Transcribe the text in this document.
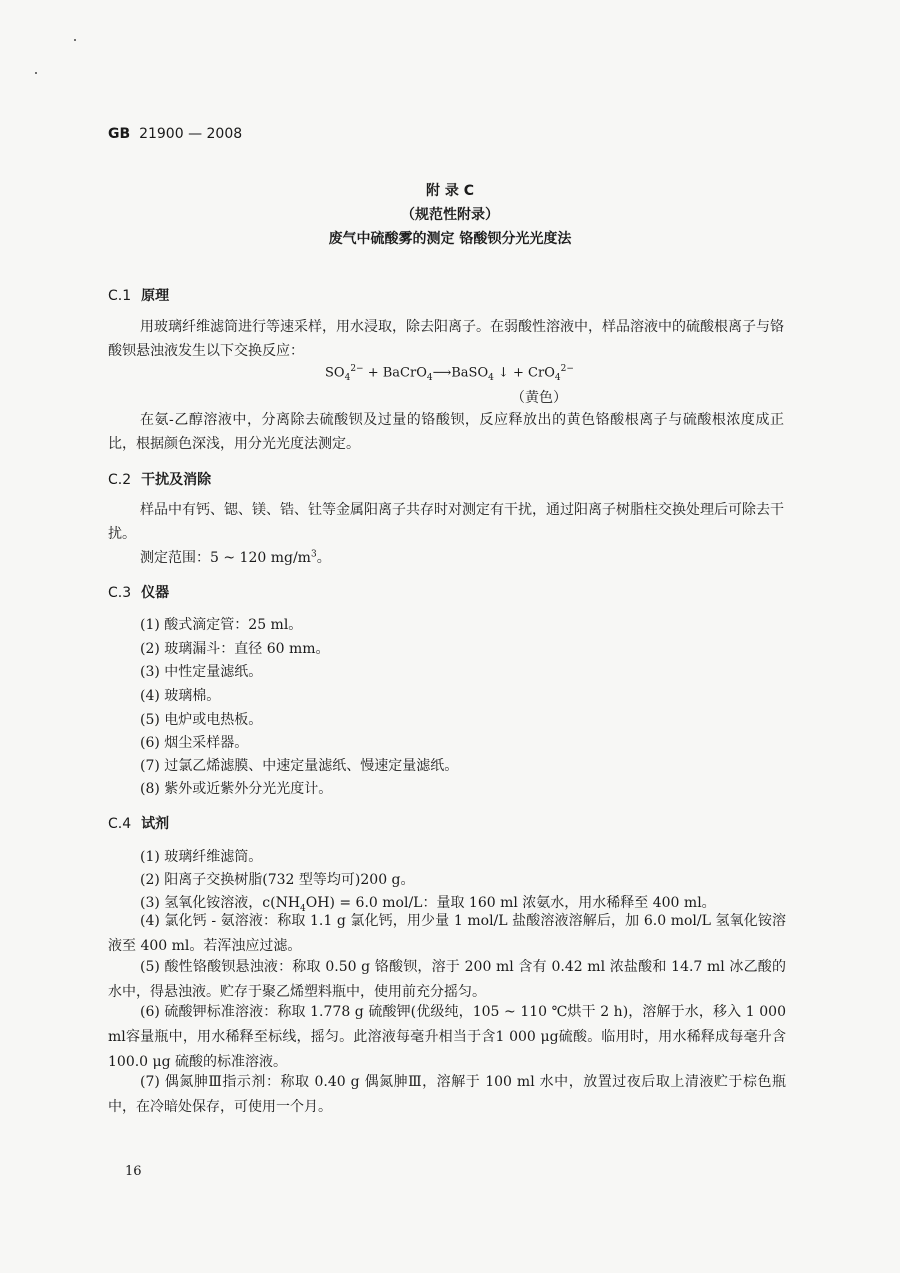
GB 21900 — 2008
附 录 C
（规范性附录）
废气中硫酸雾的测定 铬酸钡分光光度法
C.1 原理
用玻璃纤维滤筒进行等速采样，用水浸取，除去阳离子。在弱酸性溶液中，样品溶液中的硫酸根离子与铬酸钡悬浊液发生以下交换反应：
$SO_4^{2-}$ + BaCrO$_4$⟶BaSO$_4$ ↓ + CrO$_4^{2-}$
（黄色）
在氨-乙醇溶液中，分离除去硫酸钡及过量的铬酸钡，反应释放出的黄色铬酸根离子与硫酸根浓度成正比，根据颜色深浅，用分光光度法测定。
C.2 干扰及消除
样品中有钙、锶、镁、锆、钍等金属阳离子共存时对测定有干扰，通过阳离子树脂柱交换处理后可除去干扰。
测定范围：5 ~ 120 $mg/m^3$。
C.3 仪器
(1) 酸式滴定管：25 ml。
(2) 玻璃漏斗：直径 60 mm。
(3) 中性定量滤纸。
(4) 玻璃棉。
(5) 电炉或电热板。
(6) 烟尘采样器。
(7) 过氯乙烯滤膜、中速定量滤纸、慢速定量滤纸。
(8) 紫外或近紫外分光光度计。
C.4 试剂
(1) 玻璃纤维滤筒。
(2) 阳离子交换树脂(732 型等均可)200 g。
(3) 氢氧化铵溶液，$c(NH_4OH) = 6.0$ mol/L：量取 160 ml 浓氨水，用水稀释至 400 ml。
(4) 氯化钙 - 氨溶液：称取 1.1 g 氯化钙，用少量 1 mol/L 盐酸溶液溶解后，加 6.0 mol/L 氢氧化铵溶液至 400 ml。若浑浊应过滤。
(5) 酸性铬酸钡悬浊液：称取 0.50 g 铬酸钡，溶于 200 ml 含有 0.42 ml 浓盐酸和 14.7 ml 冰乙酸的水中，得悬浊液。贮存于聚乙烯塑料瓶中，使用前充分摇匀。
(6) 硫酸钾标准溶液：称取 1.778 g 硫酸钾(优级纯，105 ~ 110 ℃烘干 2 h)，溶解于水，移入 1 000 ml容量瓶中，用水稀释至标线，摇匀。此溶液每毫升相当于含1 000 μg硫酸。临用时，用水稀释成每毫升含 100.0 μg 硫酸的标准溶液。
(7) 偶氮胂Ⅲ指示剂：称取 0.40 g 偶氮胂Ⅲ，溶解于 100 ml 水中，放置过夜后取上清液贮于棕色瓶中，在冷暗处保存，可使用一个月。
16
